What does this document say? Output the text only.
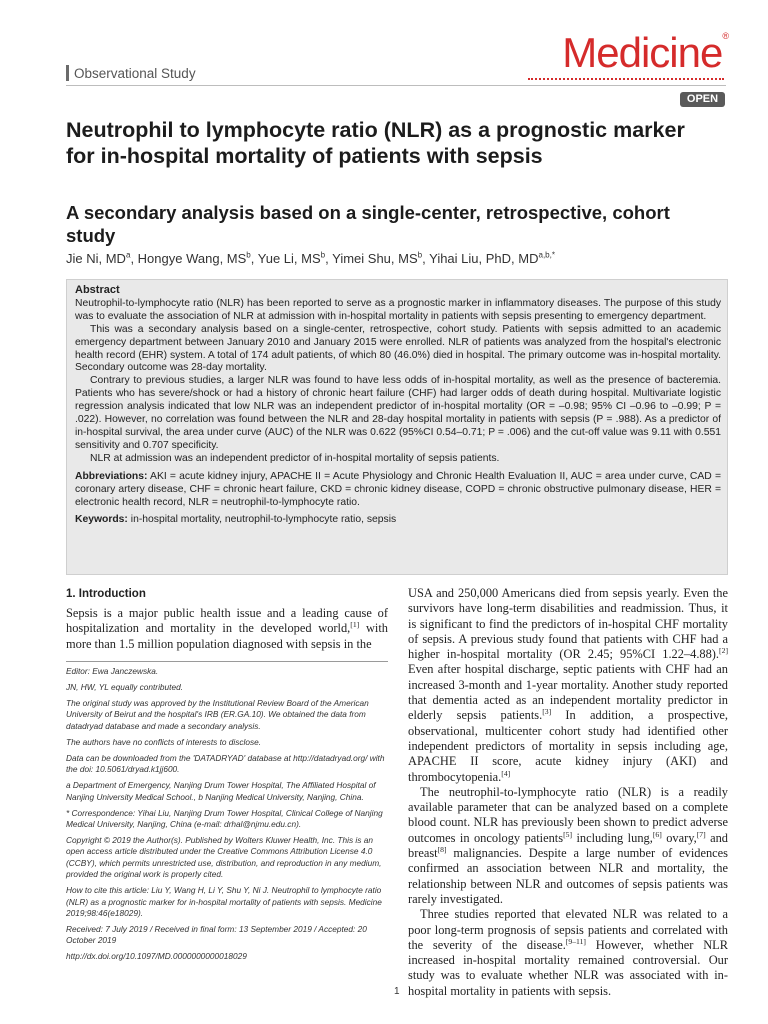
Observational Study	Medicine®
OPEN
Neutrophil to lymphocyte ratio (NLR) as a prognostic marker for in-hospital mortality of patients with sepsis
A secondary analysis based on a single-center, retrospective, cohort study
Jie Ni, $MD^a$, Hongye Wang, $MS^b$, Yue Li, $MS^b$, Yimei Shu, $MS^b$, Yihai Liu, PhD, $MD^{a,b,*}$
Abstract

Neutrophil-to-lymphocyte ratio (NLR) has been reported to serve as a prognostic marker in inflammatory diseases. The purpose of this study was to evaluate the association of NLR at admission with in-hospital mortality in patients with sepsis presenting to emergency department.

This was a secondary analysis based on a single-center, retrospective, cohort study. Patients with sepsis admitted to an academic emergency department between January 2010 and January 2015 were enrolled. NLR of patients was analyzed from the hospital's electronic health record (EHR) system. A total of 174 adult patients, of which 80 (46.0%) died in hospital. The primary outcome was in-hospital mortality. Secondary outcome was 28-day mortality.

Contrary to previous studies, a larger NLR was found to have less odds of in-hospital mortality, as well as the presence of bacteremia. Patients who has severe/shock or had a history of chronic heart failure (CHF) had larger odds of death during hospital. Multivariate logistic regression analysis indicated that low NLR was an independent predictor of in-hospital mortality (OR = –0.98; 95% CI –0.96 to –0.99; P = .022). However, no correlation was found between the NLR and 28-day hospital mortality in patients with sepsis (P = .988). As a predictor of in-hospital survival, the area under curve (AUC) of the NLR was 0.622 (95%CI 0.54–0.71; P = .006) and the cut-off value was 9.11 with 0.551 sensitivity and 0.707 specificity.

NLR at admission was an independent predictor of in-hospital mortality of sepsis patients.

Abbreviations: AKI = acute kidney injury, APACHE II = Acute Physiology and Chronic Health Evaluation II, AUC = area under curve, CAD = coronary artery disease, CHF = chronic heart failure, CKD = chronic kidney disease, COPD = chronic obstructive pulmonary disease, HER = electronic health record, NLR = neutrophil-to-lymphocyte ratio.

Keywords: in-hospital mortality, neutrophil-to-lymphocyte ratio, sepsis

1. Introduction

Sepsis is a major public health issue and a leading cause of hospitalization and mortality in the developed world,[1] with more than 1.5 million population diagnosed with sepsis in the

Editor: Ewa Janczewska.

JN, HW, YL equally contributed.

The original study was approved by the Institutional Review Board of the American University of Beirut and the hospital's IRB (ER.GA.10). We obtained the data from datadryad database and made a secondary analysis.

The authors have no conflicts of interests to disclose.

Data can be downloaded from the 'DATADRYAD' database at http://datadryad.org/ with the doi: 10.5061/dryad.k1jj600.

a Department of Emergency, Nanjing Drum Tower Hospital, The Affiliated Hospital of Nanjing University Medical School., b Nanjing Medical University, Nanjing, China.

* Correspondence: Yihai Liu, Nanjing Drum Tower Hospital, Clinical College of Nanjing Medical University, Nanjing, China (e-mail: drhal@njmu.edu.cn).

Copyright © 2019 the Author(s). Published by Wolters Kluwer Health, Inc. This is an open access article distributed under the Creative Commons Attribution License 4.0 (CCBY), which permits unrestricted use, distribution, and reproduction in any medium, provided the original work is properly cited.

How to cite this article: Liu Y, Wang H, Li Y, Shu Y, Ni J. Neutrophil to lymphocyte ratio (NLR) as a prognostic marker for in-hospital mortality of patients with sepsis. Medicine 2019;98:46(e18029).

Received: 7 July 2019 / Received in final form: 13 September 2019 / Accepted: 20 October 2019

http://dx.doi.org/10.1097/MD.0000000000018029

USA and 250,000 Americans died from sepsis yearly. Even the survivors have long-term disabilities and readmission. Thus, it is significant to find the predictors of in-hospital CHF mortality of sepsis. A previous study found that patients with CHF had a higher in-hospital mortality (OR 2.45; 95%CI 1.22–4.88).[2] Even after hospital discharge, septic patients with CHF had an increased 3-month and 1-year mortality. Another study reported that dementia acted as an independent mortality predictor in elderly sepsis patients.[3] In addition, a prospective, observational, multicenter cohort study had identified other independent predictors of mortality in sepsis including age, APACHE II score, acute kidney injury (AKI) and thrombocytopenia.[4]

The neutrophil-to-lymphocyte ratio (NLR) is a readily available parameter that can be analyzed based on a complete blood count. NLR has previously been shown to predict adverse outcomes in oncology patients[5] including lung,[6] ovary,[7] and breast[8] malignancies. Despite a large number of evidences confirmed an association between NLR and mortality, the relationship between NLR and outcomes of sepsis patients was rarely investigated.

Three studies reported that elevated NLR was related to a poor long-term prognosis of sepsis patients and correlated with the severity of the disease.[9–11] However, whether NLR increased in-hospital mortality remained controversial. Our study was to evaluate whether NLR was associated with in-hospital mortality in patients with sepsis.

1
